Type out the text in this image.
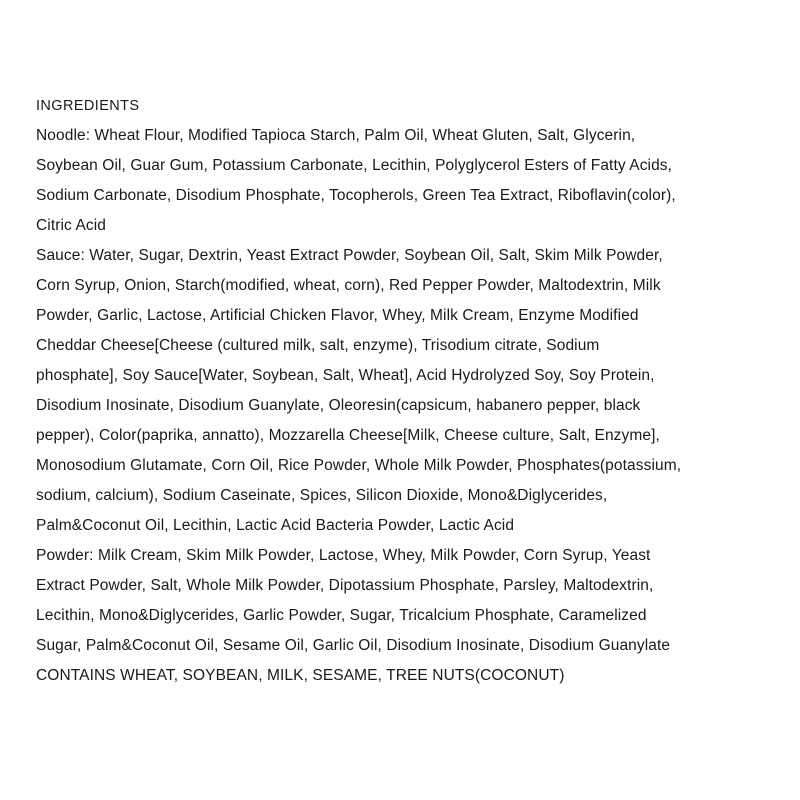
INGREDIENTS
Noodle: Wheat Flour, Modified Tapioca Starch, Palm Oil, Wheat Gluten, Salt, Glycerin,
Soybean Oil, Guar Gum, Potassium Carbonate, Lecithin, Polyglycerol Esters of Fatty Acids,
Sodium Carbonate, Disodium Phosphate, Tocopherols, Green Tea Extract, Riboflavin(color),
Citric Acid
Sauce: Water, Sugar, Dextrin, Yeast Extract Powder, Soybean Oil, Salt, Skim Milk Powder,
Corn Syrup, Onion, Starch(modified, wheat, corn), Red Pepper Powder, Maltodextrin, Milk
Powder, Garlic, Lactose, Artificial Chicken Flavor, Whey, Milk Cream, Enzyme Modified
Cheddar Cheese[Cheese (cultured milk, salt, enzyme), Trisodium citrate, Sodium
phosphate], Soy Sauce[Water, Soybean, Salt, Wheat], Acid Hydrolyzed Soy, Soy Protein,
Disodium Inosinate, Disodium Guanylate, Oleoresin(capsicum, habanero pepper, black
pepper), Color(paprika, annatto), Mozzarella Cheese[Milk, Cheese culture, Salt, Enzyme],
Monosodium Glutamate, Corn Oil, Rice Powder, Whole Milk Powder, Phosphates(potassium,
sodium, calcium), Sodium Caseinate, Spices, Silicon Dioxide, Mono&Diglycerides,
Palm&Coconut Oil, Lecithin, Lactic Acid Bacteria Powder, Lactic Acid
Powder: Milk Cream, Skim Milk Powder, Lactose, Whey, Milk Powder, Corn Syrup, Yeast
Extract Powder, Salt, Whole Milk Powder, Dipotassium Phosphate, Parsley, Maltodextrin,
Lecithin, Mono&Diglycerides, Garlic Powder, Sugar, Tricalcium Phosphate, Caramelized
Sugar, Palm&Coconut Oil, Sesame Oil, Garlic Oil, Disodium Inosinate, Disodium Guanylate
CONTAINS WHEAT, SOYBEAN, MILK, SESAME, TREE NUTS(COCONUT)
